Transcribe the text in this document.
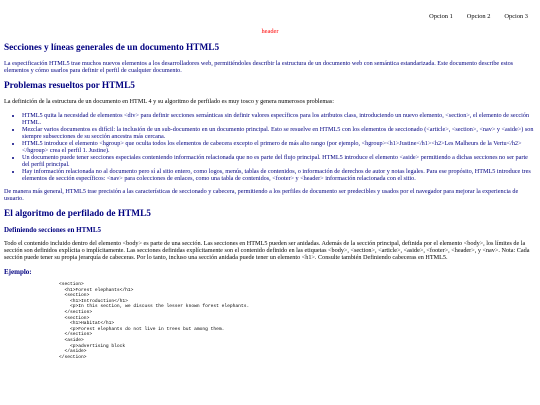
Opcion 1 Opcion 2 Opcion 3
header
Secciones y líneas generales de un documento HTML5

La especificación HTML5 trae muchos nuevos elementos a los desarrolladores web, permitiéndoles describir la estructura de un documento web con semántica estandarizada. Este documento describe estos elementos y cómo usarlos para definir el perfil de cualquier documento.

Problemas resueltos por HTML5

La definición de la estructura de un documento en HTML 4 y su algoritmo de perfilado es muy tosco y genera numerosos problemas:

• HTML5 quita la necesidad de elementos <div> para definir secciones semánticas sin definir valores específicos para los atributos class, introduciendo un nuevo elemento, <section>, el elemento de sección HTML.
• Mezclar varios documentos es difícil: la inclusión de un sub-documento en un documento principal. Esto se resuelve en HTML5 con los elementos de seccionado (<article>, <section>, <nav> y <aside>) son siempre subsecciones de su sección ancestra más cercana.
• HTML5 introduce el elemento <hgroup> que oculta todos los elementos de cabecera excepto el primero de más alto rango (por ejemplo, <hgroup><h1>Justine</h1><h2>Les Malheurs de la Vertu</h2></hgroup> crea el perfil 1. Justine).
• Un documento puede tener secciones especiales conteniendo información relacionada que no es parte del flujo principal. HTML5 introduce el elemento <aside> permitiendo a dichas secciones no ser parte del perfil principal.
• Hay información relacionada no al documento pero sí al sitio entero, como logos, menús, tablas de contenidos, o información de derechos de autor y notas legales. Para ese propósito, HTML5 introduce tres elementos de sección específicos: <nav> para colecciones de enlaces, como una tabla de contenidos, <footer> y <header> información relacionada con el sitio.

De manera más general, HTML5 trae precisión a las características de seccionado y cabecera, permitiendo a los perfiles de documento ser predecibles y usados por el navegador para mejorar la experiencia de usuario.

El algoritmo de perfilado de HTML5
Definiendo secciones en HTML5

Todo el contenido incluido dentro del elemento <body> es parte de una sección. Las secciones en HTML5 pueden ser anidadas. Además de la sección principal, definida por el elemento <body>, los límites de la sección son definidos explícita o implícitamente. Las secciones definidas explícitamente son el contenido definido en las etiquetas <body>, <section>, <article>, <aside>, <footer>, <header>, y <nav>. Nota: Cada sección puede tener su propia jerarquía de cabeceras. Por lo tanto, incluso una sección anidada puede tener un elemento <h1>. Consulte también Definiendo cabeceras en HTML5.

Ejemplo:
<section>
<h1>Forest elephants</h1>
<section>
<h1>Introduction</h1>
<p>In this section, we discuss the lesser known forest elephants.
</section>
<section>
<h1>Habitat</h1>
<p>Forest elephants do not live in trees but among them.
</section>
<aside>
<p>advertising block
</aside>
</section>
